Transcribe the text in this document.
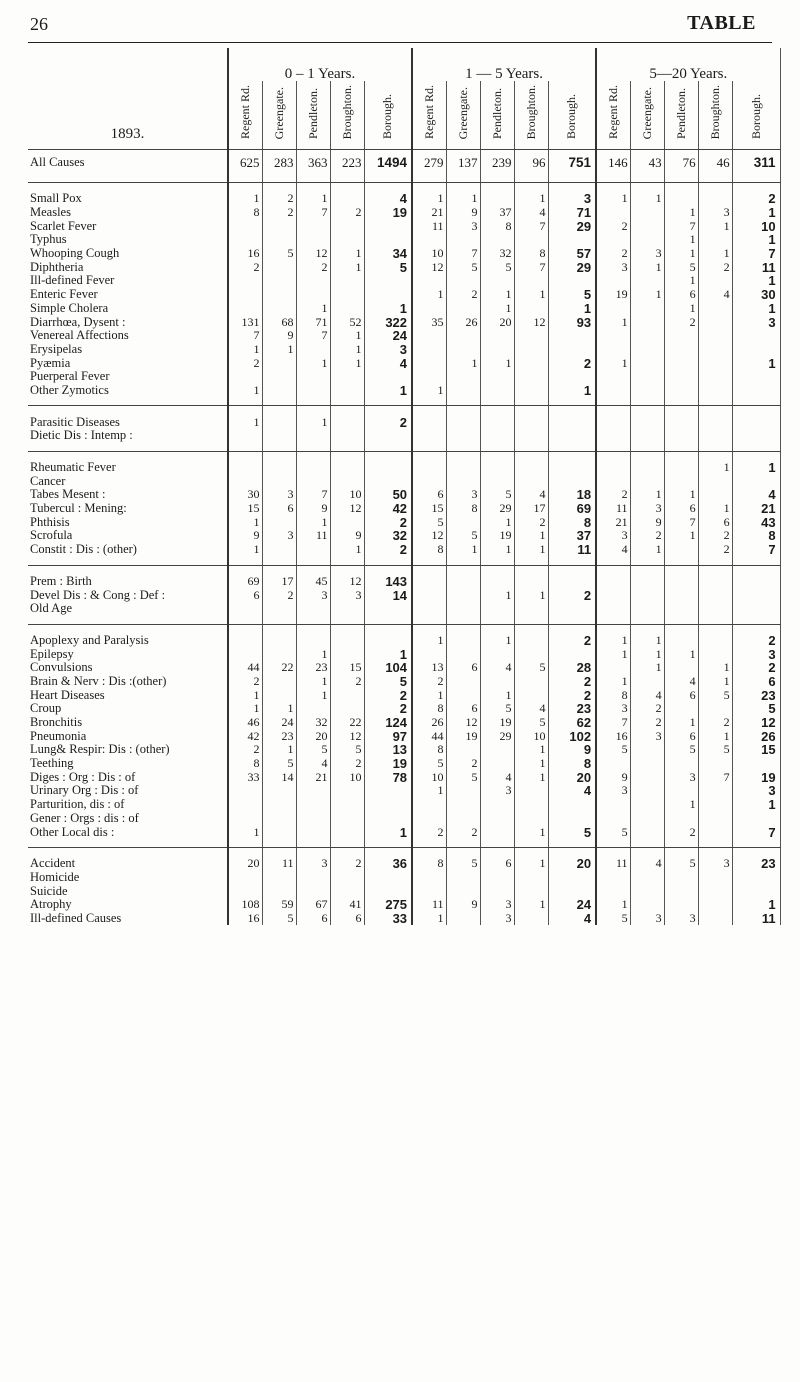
26	TABLE
1893.	0 – 1 Years.					1 — 5 Years.					5—20 Years.				
	Regent Rd.	Greengate.	Pendleton.	Broughton.	Borough.	Regent Rd.	Greengate.	Pendleton.	Broughton.	Borough.	Regent Rd.	Greengate.	Pendleton.	Broughton.	Borough.

All Causes	625	283	363	223	1494	279	137	239	96	751	146	43	76	46	311

Small Pox	1	2	1		4	1	1		1	3	1	1			2
Measles	8	2	7	2	19	21	9	37	4	71			1	3	1
Scarlet Fever						11	3	8	7	29	2		7	1	10
Typhus													1		1
Whooping Cough	16	5	12	1	34	10	7	32	8	57	2	3	1	1	7
Diphtheria	2		2	1	5	12	5	5	7	29	3	1	5	2	11
Ill-defined Fever													1		1
Enteric Fever						1	2	1	1	5	19	1	6	4	30
Simple Cholera			1		1			1		1			1		1
Diarrhœa, Dysent :	131	68	71	52	322	35	26	20	12	93	1		2		3
Venereal Affections	7	9	7	1	24										
Erysipelas	1	1		1	3										
Pyæmia	2		1	1	4		1	1		2	1				1
Puerperal Fever															
Other Zymotics	1				1	1				1					

Parasitic Diseases	1		1		2										
Dietic Dis : Intemp :															

Rheumatic Fever														1	1
Cancer															
Tabes Mesent :	30	3	7	10	50	6	3	5	4	18	2	1	1		4
Tubercul : Mening:	15	6	9	12	42	15	8	29	17	69	11	3	6	1	21
Phthisis	1		1		2	5		1	2	8	21	9	7	6	43
Scrofula	9	3	11	9	32	12	5	19	1	37	3	2	1	2	8
Constit : Dis : (other)	1			1	2	8	1	1	1	11	4	1		2	7

Prem : Birth	69	17	45	12	143										
Devel Dis : & Cong : Def :	6	2	3	3	14			1	1	2					
Old Age															

Apoplexy and Paralysis						1		1		2	1	1			2
Epilepsy			1		1						1	1	1		3
Convulsions	44	22	23	15	104	13	6	4	5	28		1		1	2
Brain & Nerv : Dis :(other)	2		1	2	5	2				2	1		4	1	6
Heart Diseases	1		1		2	1		1		2	8	4	6	5	23
Croup	1	1			2	8	6	5	4	23	3	2			5
Bronchitis	46	24	32	22	124	26	12	19	5	62	7	2	1	2	12
Pneumonia	42	23	20	12	97	44	19	29	10	102	16	3	6	1	26
Lung& Respir: Dis : (other)	2	1	5	5	13	8			1	9	5		5	5	15
Teething	8	5	4	2	19	5	2		1	8					
Diges : Org : Dis : of	33	14	21	10	78	10	5	4	1	20	9		3	7	19
Urinary Org : Dis : of						1		3		4	3				3
Parturition, dis : of													1		1
Gener : Orgs : dis : of															
Other Local dis :	1				1	2	2		1	5	5		2		7

Accident	20	11	3	2	36	8	5	6	1	20	11	4	5	3	23
Homicide															
Suicide															
Atrophy	108	59	67	41	275	11	9	3	1	24	1				1
Ill-defined Causes	16	5	6	6	33	1		3		4	5	3	3		11
